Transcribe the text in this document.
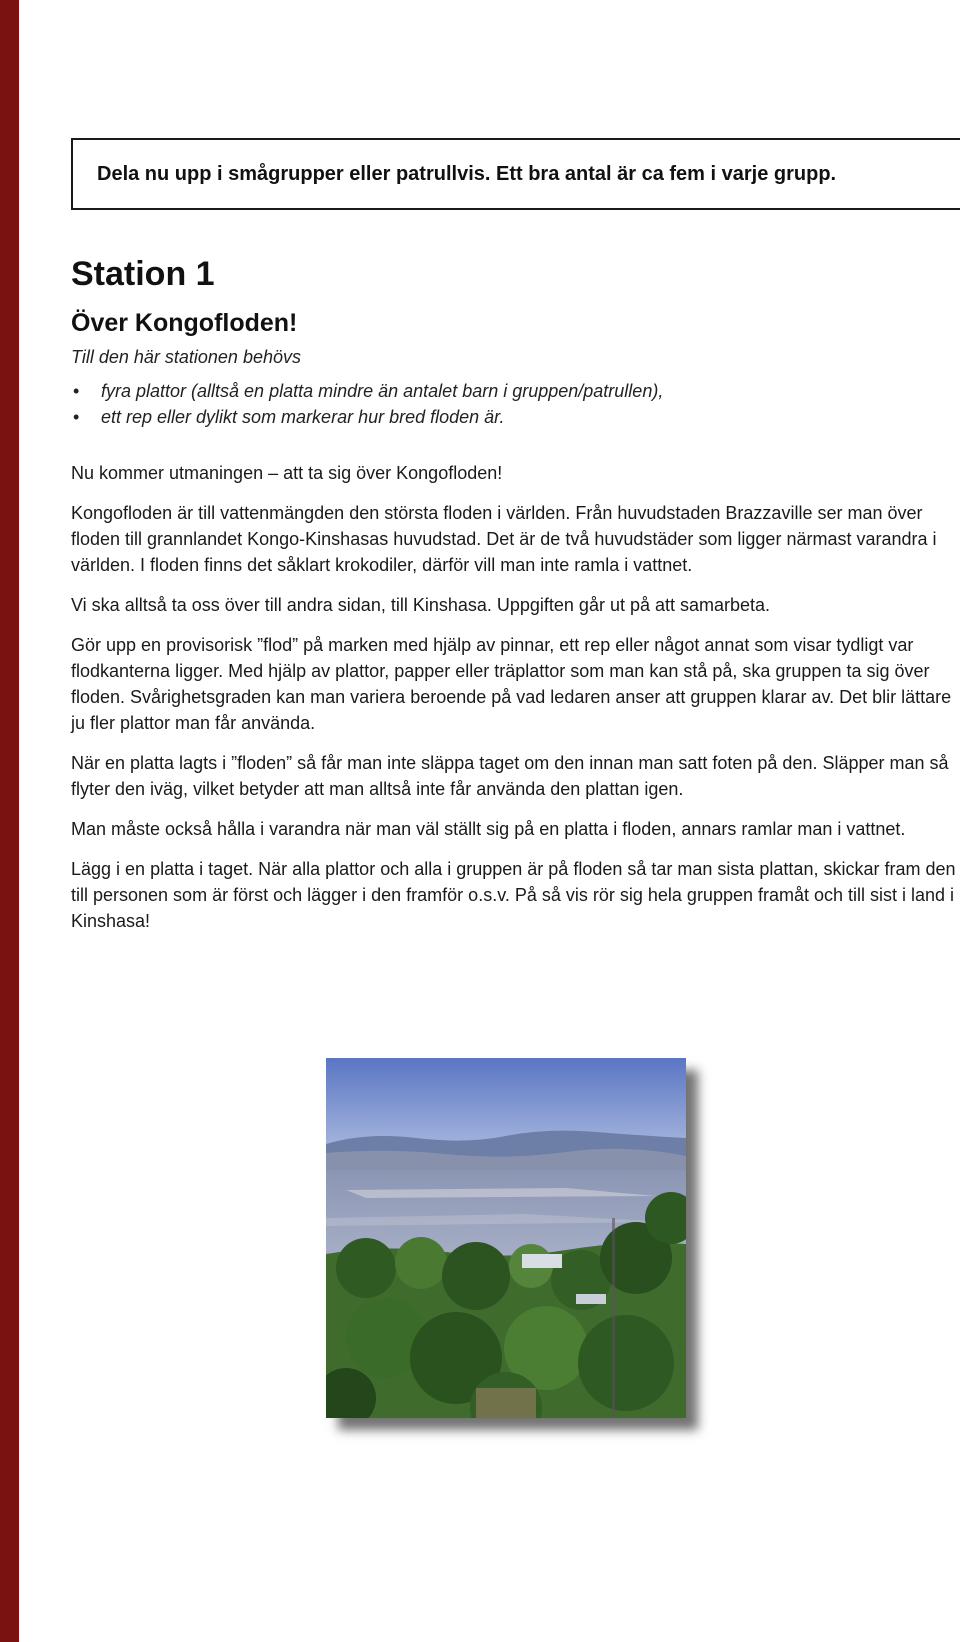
Dela nu upp i smågrupper eller patrullvis. Ett bra antal är ca fem i varje grupp.
Station 1
Över Kongofloden!

Till den här stationen behövs

• fyra plattor (alltså en platta mindre än antalet barn i gruppen/patrullen),
• ett rep eller dylikt som markerar hur bred floden är.

Nu kommer utmaningen – att ta sig över Kongofloden!

Kongofloden är till vattenmängden den största floden i världen. Från huvudstaden Brazzaville ser man över floden till grannlandet Kongo-Kinshasas huvudstad. Det är de två huvudstäder som ligger närmast varandra i världen. I floden finns det såklart krokodiler, därför vill man inte ramla i vattnet.

Vi ska alltså ta oss över till andra sidan, till Kinshasa. Uppgiften går ut på att samarbeta.

Gör upp en provisorisk ”flod” på marken med hjälp av pinnar, ett rep eller något annat som visar tydligt var flodkanterna ligger. Med hjälp av plattor, papper eller träplattor som man kan stå på, ska gruppen ta sig över floden. Svårighetsgraden kan man variera beroende på vad ledaren anser att gruppen klarar av. Det blir lättare ju fler plattor man får använda.

När en platta lagts i ”floden” så får man inte släppa taget om den innan man satt foten på den. Släpper man så flyter den iväg, vilket betyder att man alltså inte får använda den plattan igen.

Man måste också hålla i varandra när man väl ställt sig på en platta i floden, annars ramlar man i vattnet.

Lägg i en platta i taget. När alla plattor och alla i gruppen är på floden så tar man sista plattan, skickar fram den till personen som är först och lägger i den framför o.s.v. På så vis rör sig hela gruppen framåt och till sist i land i Kinshasa!
